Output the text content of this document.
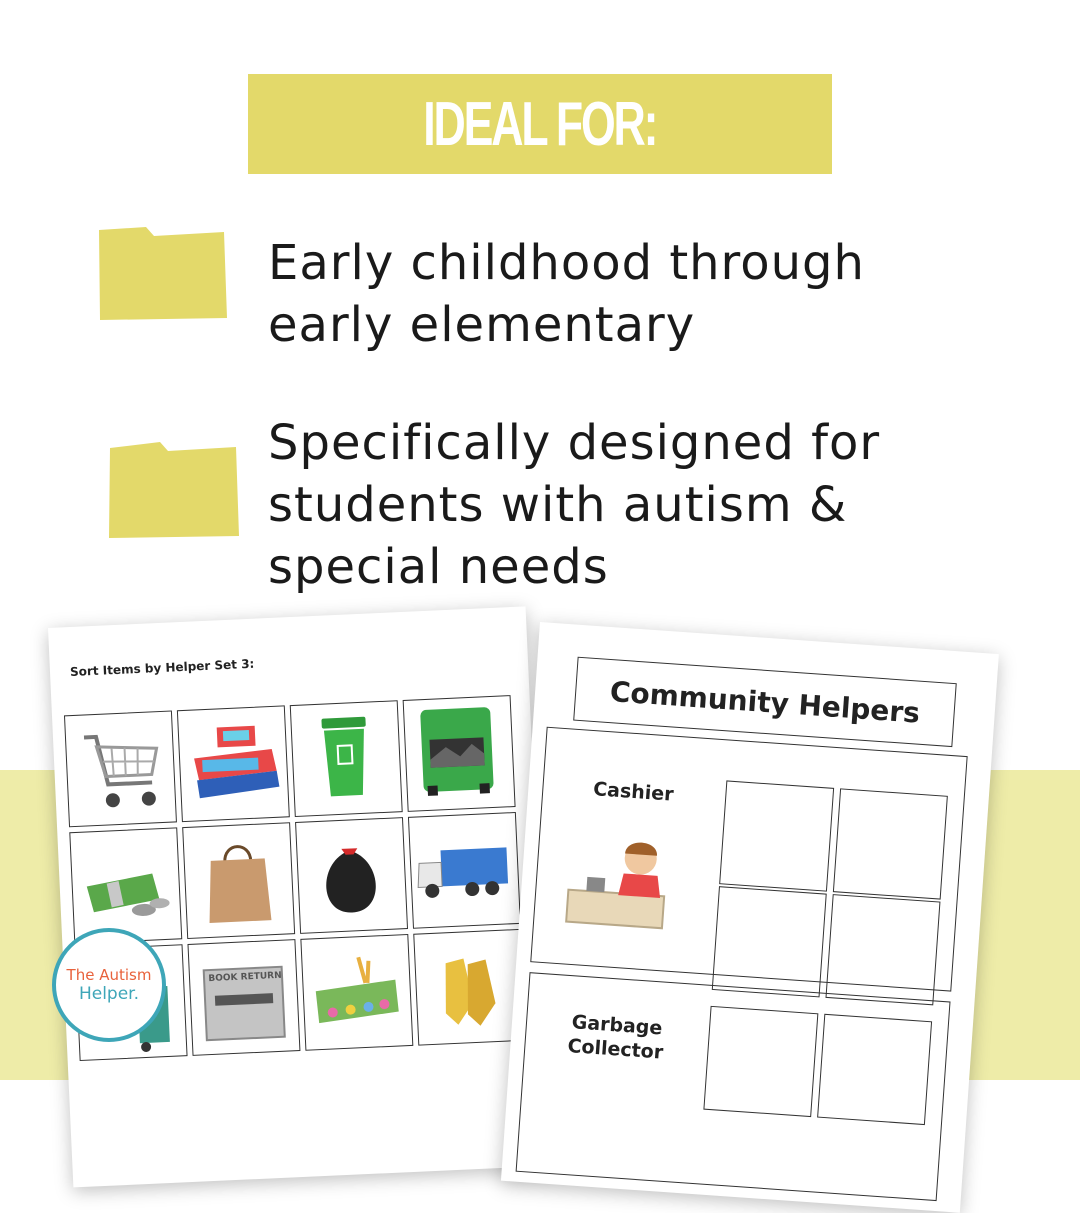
IDEAL FOR:
Early childhood through
early elementary
Specifically designed for
students with autism &
special needs
Sort Items by Helper Set 3:
BOOK RETURN
Community Helpers
Cashier
Garbage
Collector
The Autism
Helper.
